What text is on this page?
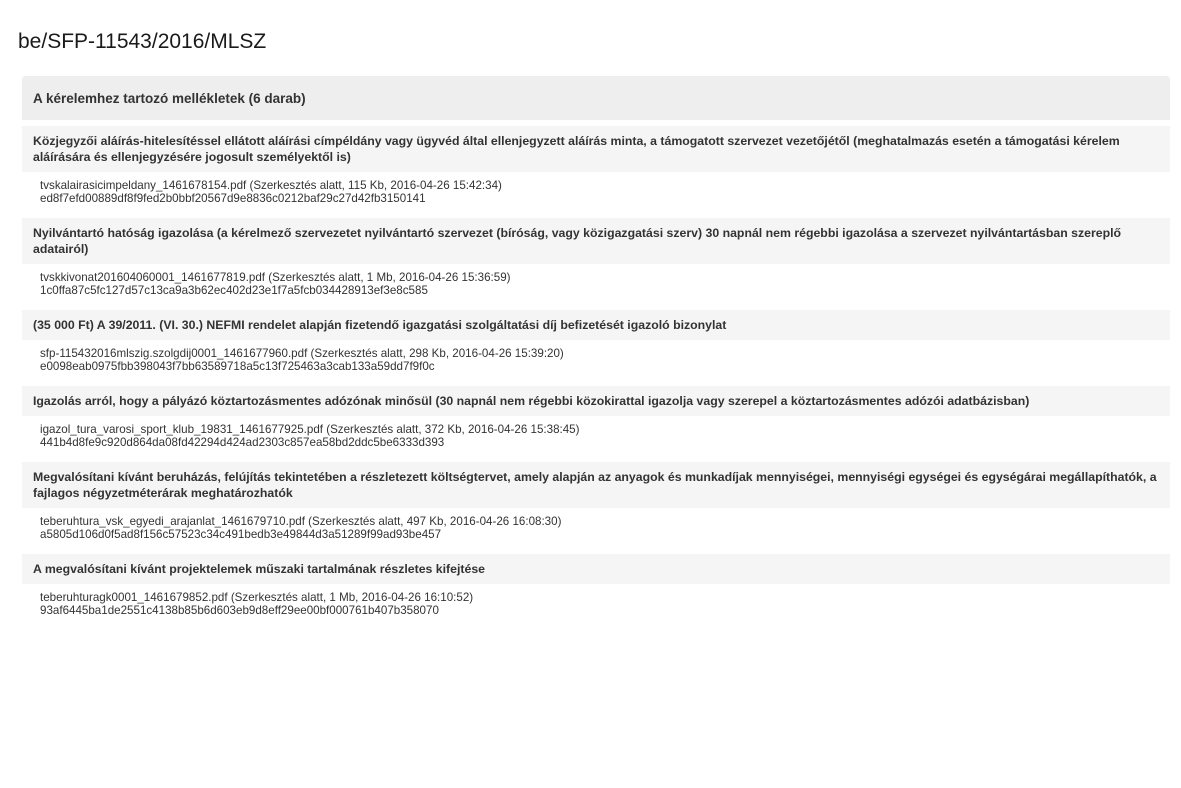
be/SFP-11543/2016/MLSZ
A kérelemhez tartozó mellékletek (6 darab)
Közjegyzői aláírás-hitelesítéssel ellátott aláírási címpéldány vagy ügyvéd által ellenjegyzett aláírás minta, a támogatott szervezet vezetőjétől (meghatalmazás esetén a támogatási kérelem aláírására és ellenjegyzésére jogosult személyektől is)
tvskalairasicimpeldany_1461678154.pdf (Szerkesztés alatt, 115 Kb, 2016-04-26 15:42:34)
ed8f7efd00889df8f9fed2b0bbf20567d9e8836c0212baf29c27d42fb3150141
Nyilvántartó hatóság igazolása (a kérelmező szervezetet nyilvántartó szervezet (bíróság, vagy közigazgatási szerv) 30 napnál nem régebbi igazolása a szervezet nyilvántartásban szereplő adatairól)
tvskkivonat201604060001_1461677819.pdf (Szerkesztés alatt, 1 Mb, 2016-04-26 15:36:59)
1c0ffa87c5fc127d57c13ca9a3b62ec402d23e1f7a5fcb034428913ef3e8c585
(35 000 Ft) A 39/2011. (VI. 30.) NEFMI rendelet alapján fizetendő igazgatási szolgáltatási díj befizetését igazoló bizonylat
sfp-115432016mlszig.szolgdij0001_1461677960.pdf (Szerkesztés alatt, 298 Kb, 2016-04-26 15:39:20)
e0098eab0975fbb398043f7bb63589718a5c13f725463a3cab133a59dd7f9f0c
Igazolás arról, hogy a pályázó köztartozásmentes adózónak minősül (30 napnál nem régebbi közokirattal igazolja vagy szerepel a köztartozásmentes adózói adatbázisban)
igazol_tura_varosi_sport_klub_19831_1461677925.pdf (Szerkesztés alatt, 372 Kb, 2016-04-26 15:38:45)
441b4d8fe9c920d864da08fd42294d424ad2303c857ea58bd2ddc5be6333d393
Megvalósítani kívánt beruházás, felújítás tekintetében a részletezett költségtervet, amely alapján az anyagok és munkadíjak mennyiségei, mennyiségi egységei és egységárai megállapíthatók, a fajlagos négyzetméterárak meghatározhatók
teberuhtura_vsk_egyedi_arajanlat_1461679710.pdf (Szerkesztés alatt, 497 Kb, 2016-04-26 16:08:30)
a5805d106d0f5ad8f156c57523c34c491bedb3e49844d3a51289f99ad93be457
A megvalósítani kívánt projektelemek műszaki tartalmának részletes kifejtése
teberuhturagk0001_1461679852.pdf (Szerkesztés alatt, 1 Mb, 2016-04-26 16:10:52)
93af6445ba1de2551c4138b85b6d603eb9d8eff29ee00bf000761b407b358070
